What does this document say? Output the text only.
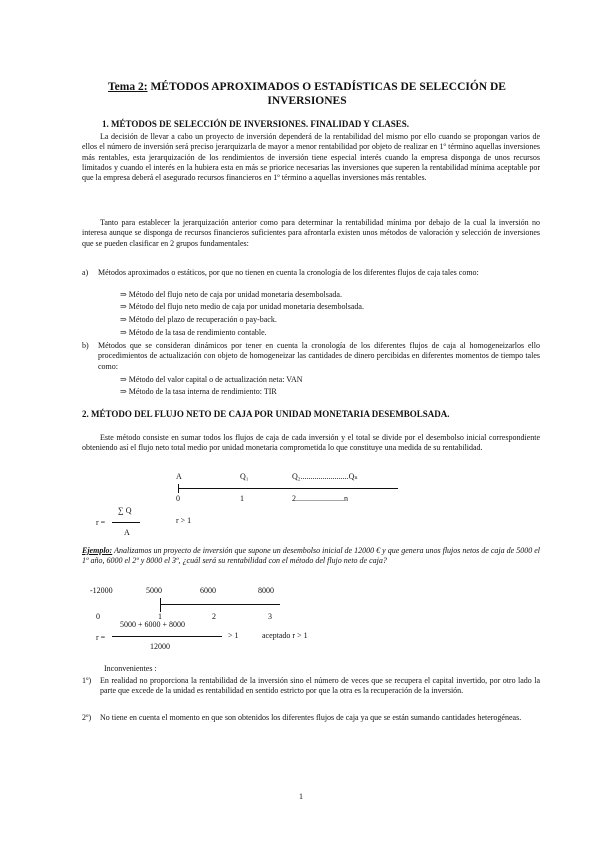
Tema 2: MÉTODOS APROXIMADOS O ESTADÍSTICAS DE SELECCIÓN DE INVERSIONES
1. MÉTODOS DE SELECCIÓN DE INVERSIONES. FINALIDAD Y CLASES.
La decisión de llevar a cabo un proyecto de inversión dependerá de la rentabilidad del mismo por ello cuando se propongan varios de ellos el número de inversión será preciso jerarquizarla de mayor a menor rentabilidad por objeto de realizar en 1º término aquellas inversiones más rentables, esta jerarquización de los rendimientos de inversión tiene especial interés cuando la empresa disponga de unos recursos limitados y cuando el interés en la hubiera esta en más se priorice necesarias las inversiones que superen la rentabilidad mínima aceptable por que la empresa deberá el asegurado recursos financieros en 1º término a aquellas inversiones más rentables.
Tanto para establecer la jerarquización anterior como para determinar la rentabilidad mínima por debajo de la cual la inversión no interesa aunque se disponga de recursos financieros suficientes para afrontarla existen unos métodos de valoración y selección de inversiones que se pueden clasificar en 2 grupos fundamentales:
a) Métodos aproximados o estáticos, por que no tienen en cuenta la cronología de los diferentes flujos de caja tales como:
⇒ Método del flujo neto de caja por unidad monetaria desembolsada.
⇒ Método del flujo neto medio de caja por unidad monetaria desembolsada.
⇒ Método del plazo de recuperación o pay-back.
⇒ Método de la tasa de rendimiento contable.
b) Métodos que se consideran dinámicos por tener en cuenta la cronología de los diferentes flujos de caja al homogeneizarlos ello procedimientos de actualización con objeto de homogeneizar las cantidades de dinero percibidas en diferentes momentos de tiempo tales como:
⇒ Método del valor capital o de actualización neta: VAN
⇒ Método de la tasa interna de rendimiento: TIR
2. MÉTODO DEL FLUJO NETO DE CAJA POR UNIDAD MONETARIA DESEMBOLSADA.
Este método consiste en sumar todos los flujos de caja de cada inversión y el total se divide por el desembolso inicial correspondiente obteniendo así el flujo neto total medio por unidad monetaria comprometida lo que constituye una medida de su rentabilidad.
A	Q₁	Q₂........................Qₙ
0	1	2........................n
∑ Q
r =	r > 1
A
Ejemplo: Analizamos un proyecto de inversión que supone un desembolso inicial de 12000 € y que genera unos flujos netos de caja de 5000 el 1º año, 6000 el 2º y 8000 el 3º, ¿cuál será su rentabilidad con el método del flujo neto de caja?
-12000	5000	6000	8000
0	1	2	3
5000 + 6000 + 8000
r =	> 1	aceptado r > 1
12000
Inconvenientes :
1º) En realidad no proporciona la rentabilidad de la inversión sino el número de veces que se recupera el capital invertido, por otro lado la parte que excede de la unidad es rentabilidad en sentido estricto por que la otra es la recuperación de la inversión.
2º) No tiene en cuenta el momento en que son obtenidos los diferentes flujos de caja ya que se están sumando cantidades heterogéneas.
1
